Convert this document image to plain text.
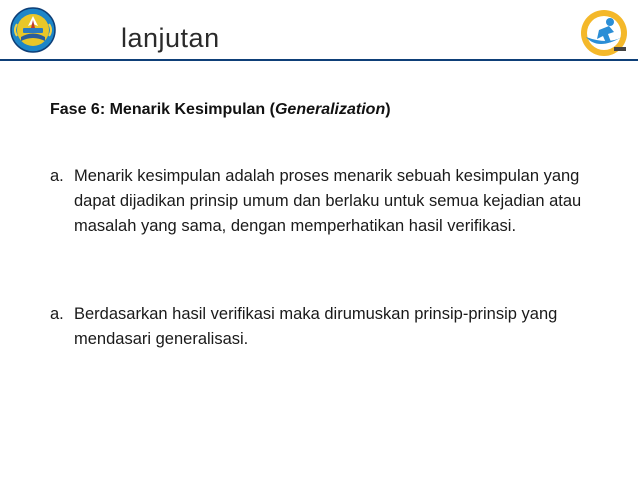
lanjutan
Fase 6: Menarik Kesimpulan (Generalization)
a. Menarik kesimpulan adalah proses menarik sebuah kesimpulan yang dapat dijadikan prinsip umum dan berlaku untuk semua kejadian atau masalah yang sama, dengan memperhatikan hasil verifikasi.
a. Berdasarkan hasil verifikasi maka dirumuskan prinsip-prinsip yang mendasari generalisasi.
